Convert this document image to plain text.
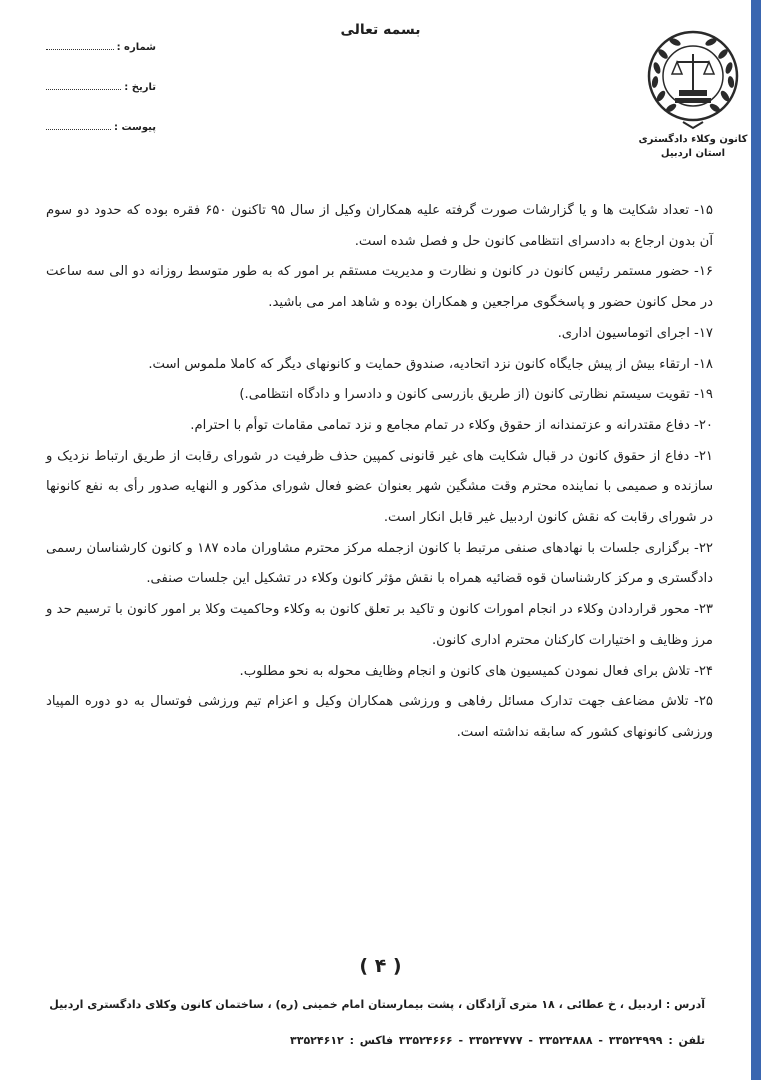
بسمه تعالی
شماره :
تاریخ :
پیوست :
کانون وکلاء دادگستری
استان اردبیل

۱۵- تعداد شکایت ها و یا گزارشات صورت گرفته علیه همکاران وکیل از سال ۹۵ تاکنون ۶۵۰ فقره بوده که حدود دو سوم آن بدون ارجاع به دادسرای انتظامی کانون حل و فصل شده است.

۱۶- حضور مستمر رئیس کانون در کانون و نظارت و مدیریت مستقم بر امور که به طور متوسط روزانه دو الی سه ساعت در محل کانون حضور و پاسخگوی مراجعین و همکاران بوده و شاهد امر می باشید.

۱۷- اجرای اتوماسیون اداری.

۱۸- ارتقاء بیش از پیش جایگاه کانون نزد اتحادیه، صندوق حمایت و کانونهای دیگر که کاملا ملموس است.

۱۹- تقویت سیستم نظارتی کانون (از طریق بازرسی کانون و دادسرا و دادگاه انتظامی.)

۲۰- دفاع مقتدرانه و عزتمندانه از حقوق وکلاء در تمام مجامع و نزد تمامی مقامات توأم با احترام.

۲۱- دفاع از حقوق کانون در قبال شکایت های غیر قانونی کمپین حذف ظرفیت در شورای رقابت از طریق ارتباط نزدیک و سازنده و صمیمی با نماینده محترم وقت مشگین شهر بعنوان عضو فعال شورای مذکور و النهایه صدور رأی به نفع کانونها در شورای رقابت که نقش کانون اردبیل غیر قابل انکار است.

۲۲- برگزاری جلسات با نهادهای صنفی مرتبط با کانون ازجمله مرکز محترم مشاوران ماده ۱۸۷ و کانون کارشناسان رسمی دادگستری و مرکز کارشناسان قوه قضائیه همراه با نقش مؤثر کانون وکلاء در تشکیل این جلسات صنفی.

۲۳- محور قراردادن وکلاء در انجام امورات کانون و تاکید بر تعلق کانون به وکلاء وحاکمیت وکلا بر امور کانون با ترسیم حد و مرز وظایف و اختیارات کارکنان محترم اداری کانون.

۲۴- تلاش برای فعال نمودن کمیسیون های کانون و انجام وظایف محوله به نحو مطلوب.

۲۵- تلاش مضاعف جهت تدارک مسائل رفاهی و ورزشی همکاران وکیل و اعزام تیم ورزشی فوتسال به دو دوره المپیاد ورزشی کانونهای کشور که سابقه نداشته است.

( ۴ )
آدرس : اردبیل ، خ عطائی ، ۱۸ متری آزادگان ، پشت بیمارستان امام خمینی (ره) ، ساختمان کانون وکلای دادگستری اردبیل
تلفن : ۳۳۵۲۴۹۹۹ - ۳۳۵۲۴۸۸۸ - ۳۳۵۲۴۷۷۷ - ۳۳۵۲۴۶۶۶ فاکس : ۳۳۵۲۴۶۱۲
